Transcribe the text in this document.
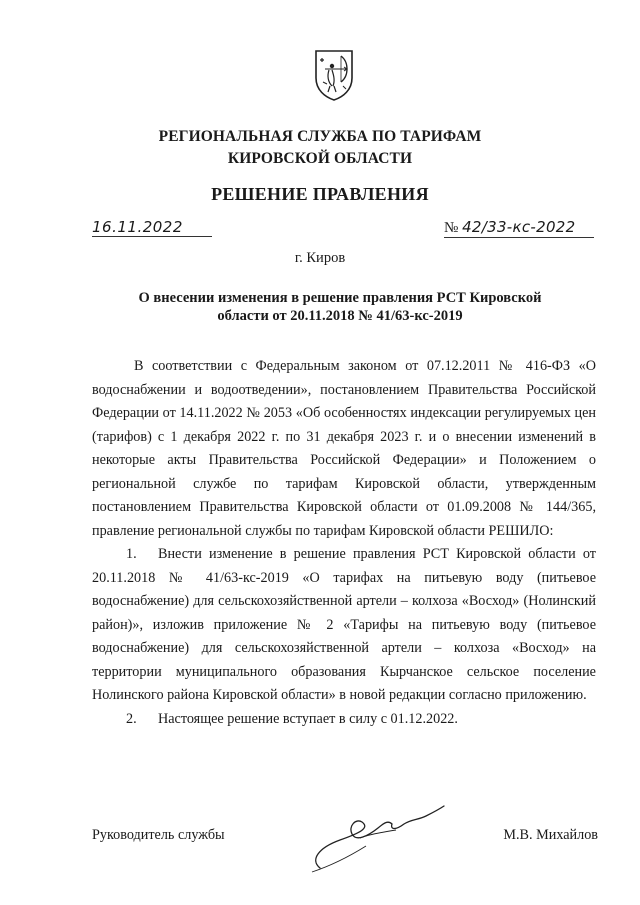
РЕГИОНАЛЬНАЯ СЛУЖБА ПО ТАРИФАМ
КИРОВСКОЙ ОБЛАСТИ
РЕШЕНИЕ ПРАВЛЕНИЯ
16.11.2022	№ 42/33-кс-2022
г. Киров
О внесении изменения в решение правления РСТ Кировской
области от 20.11.2018 № 41/63-кс-2019

В соответствии с Федеральным законом от 07.12.2011 № 416-ФЗ «О водоснабжении и водоотведении», постановлением Правительства Российской Федерации от 14.11.2022 № 2053 «Об особенностях индексации регулируемых цен (тарифов) с 1 декабря 2022 г. по 31 декабря 2023 г. и о внесении изменений в некоторые акты Правительства Российской Федерации» и Положением о региональной службе по тарифам Кировской области, утвержденным постановлением Правительства Кировской области от 01.09.2008 № 144/365, правление региональной службы по тарифам Кировской области РЕШИЛО:

1. Внести изменение в решение правления РСТ Кировской области от 20.11.2018 № 41/63-кс-2019 «О тарифах на питьевую воду (питьевое водоснабжение) для сельскохозяйственной артели – колхоза «Восход» (Нолинский район)», изложив приложение № 2 «Тарифы на питьевую воду (питьевое водоснабжение) для сельскохозяйственной артели – колхоза «Восход» на территории муниципального образования Кырчанское сельское поселение Нолинского района Кировской области» в новой редакции согласно приложению.

2. Настоящее решение вступает в силу с 01.12.2022.

Руководитель службы	М.В. Михайлов
